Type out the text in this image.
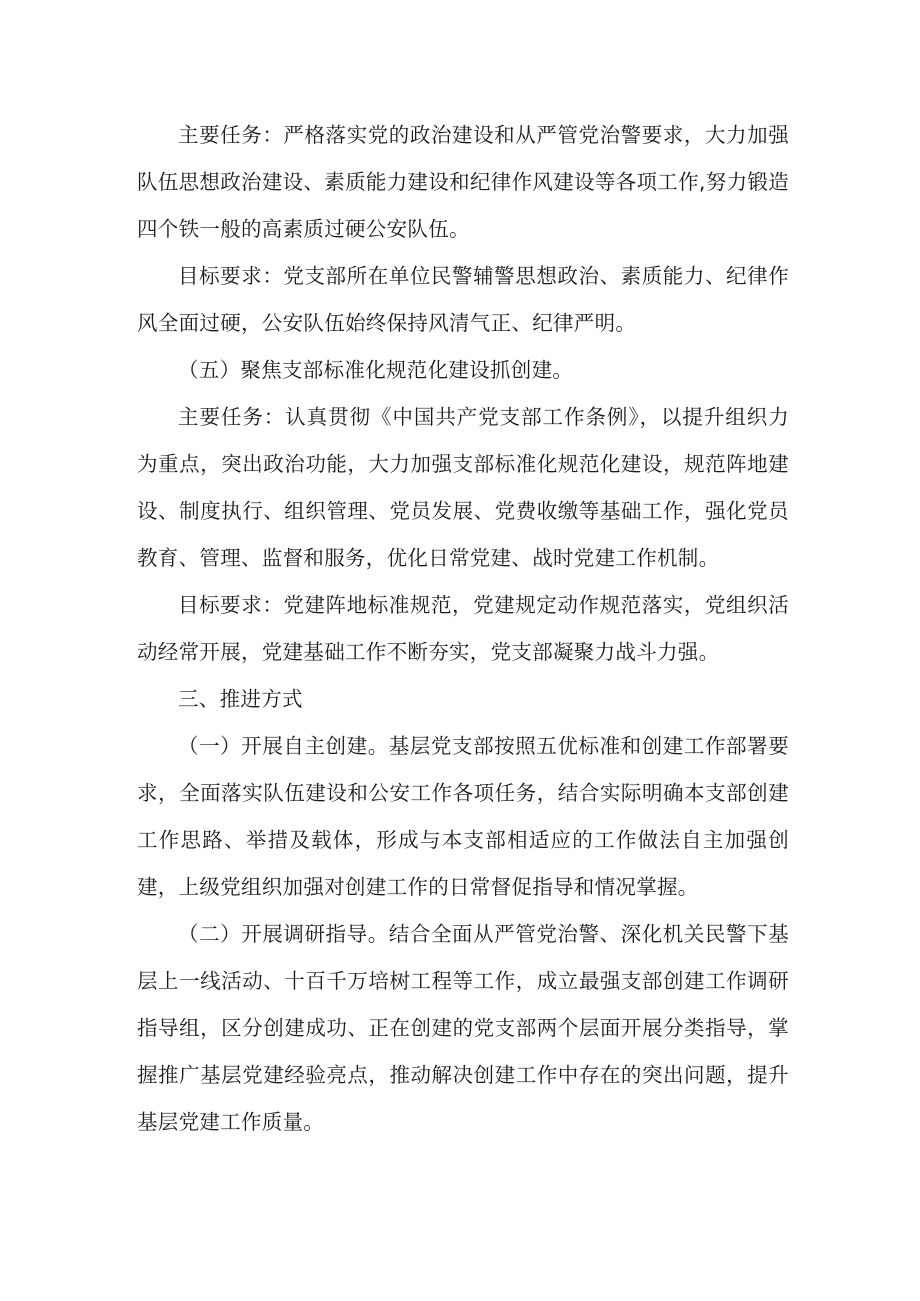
主要任务：严格落实党的政治建设和从严管党治警要求，大力加强队伍思想政治建设、素质能力建设和纪律作风建设等各项工作,努力锻造四个铁一般的高素质过硬公安队伍。

目标要求：党支部所在单位民警辅警思想政治、素质能力、纪律作风全面过硬，公安队伍始终保持风清气正、纪律严明。

（五）聚焦支部标准化规范化建设抓创建。

主要任务：认真贯彻《中国共产党支部工作条例》，以提升组织力为重点，突出政治功能，大力加强支部标准化规范化建设，规范阵地建设、制度执行、组织管理、党员发展、党费收缴等基础工作，强化党员教育、管理、监督和服务，优化日常党建、战时党建工作机制。

目标要求：党建阵地标准规范，党建规定动作规范落实，党组织活动经常开展，党建基础工作不断夯实，党支部凝聚力战斗力强。

三、推进方式

（一）开展自主创建。基层党支部按照五优标准和创建工作部署要求，全面落实队伍建设和公安工作各项任务，结合实际明确本支部创建工作思路、举措及载体，形成与本支部相适应的工作做法自主加强创建，上级党组织加强对创建工作的日常督促指导和情况掌握。

（二）开展调研指导。结合全面从严管党治警、深化机关民警下基层上一线活动、十百千万培树工程等工作，成立最强支部创建工作调研指导组，区分创建成功、正在创建的党支部两个层面开展分类指导，掌握推广基层党建经验亮点，推动解决创建工作中存在的突出问题，提升基层党建工作质量。
